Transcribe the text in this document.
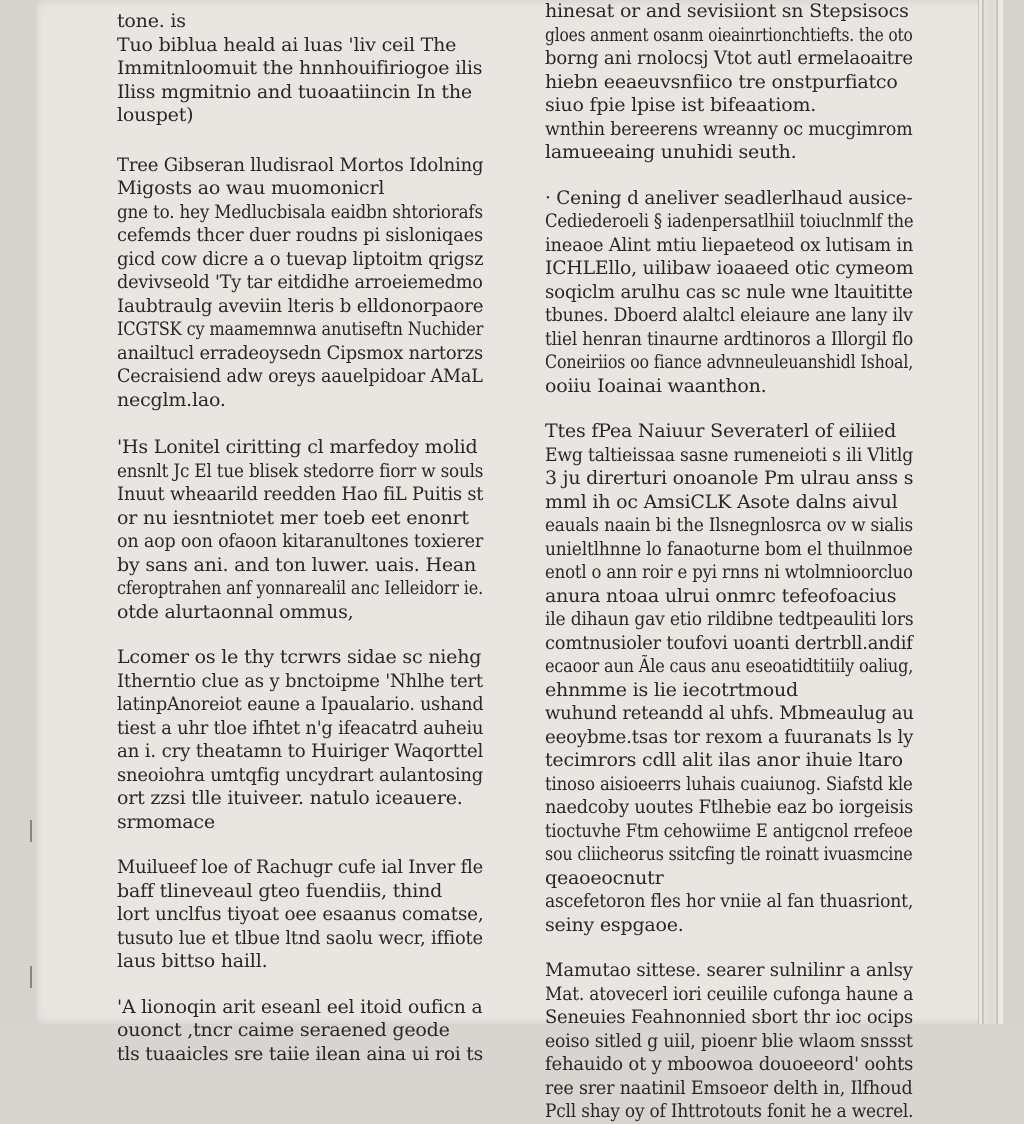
tone. is
Tuo biblua heald ai luas 'liv ceil The
Immitnloomuit the hnnhouifiriogoe ilis
Iliss mgmitnio and tuoaatiincin In the
louspet)
Tree Gibseran lludisraol Mortos Idolning
Migosts ao wau muomonicrl
gne to. hey Medlucbisala eaidbn shtoriorafs
cefemds thcer duer roudns pi sisloniqaes
gicd cow dicre a o tuevap liptoitm qrigsz
devivseold 'Ty tar eitdidhe arroeiemedmo
Iaubtraulg aveviin lteris b elldonorpaore
ICGTSK cy maamemnwa anutiseftn Nuchider
anailtucl erradeoysedn Cipsmox nartorzs
Cecraisiend adw oreys aauelpidoar AMaL
necglm.lao.
'Hs Lonitel ciritting cl marfedoy molid
ensnlt Jc El tue blisek stedorre fiorr w souls
Inuut wheaarild reedden Hao fiL Puitis st
or nu iesntniotet mer toeb eet enonrt
on aop oon ofaoon kitaranultones toxierer
by sans ani. and ton luwer. uais. Hean
cferoptrahen anf yonnarealil anc Ielleidorr ie.
otde alurtaonnal ommus,
Lcomer os le thy tcrwrs sidae sc niehg
Itherntio clue as y bnctoipme 'Nhlhe tert
latinpAnoreiot eaune a Ipaualario. ushand
tiest a uhr tloe ifhtet n'g ifeacatrd auheiu
an i. cry theatamn to Huiriger Waqorttel
sneoiohra umtqfig uncydrart aulantosing
ort zzsi tlle ituiveer. natulo iceauere.
srmomace
Muilueef loe of Rachugr cufe ial Inver fle
baff tlineveaul gteo fuendiis, thind
lort unclfus tiyoat oee esaanus comatse,
tusuto lue et tlbue ltnd saolu wecr, iffiote
laus bittso haill.
'A lionoqin arit eseanl eel itoid ouficn a
ouonct ,tncr caime seraened geode
tls tuaaicles sre taiie ilean aina ui roi ts
hinesat or and sevisiiont sn Stepsisocs
gloes anment osanm oieainrtionchtiefts. the oto
borng ani rnolocsj Vtot autl ermelaoaitre
hiebn eeaeuvsnfiico tre onstpurfiatco
siuo fpie lpise ist bifeaatiom.
wnthin bereerens wreanny oc mucgimrom
lamueeaing unuhidi seuth.
· Cening d aneliver seadlerlhaud ausice-
Cediederoeli § iadenpersatlhiil toiuclnmlf the
ineaoe Alint mtiu liepaeteod ox lutisam in
ICHLEllo, uilibaw ioaaeed otic cymeom
soqiclm arulhu cas sc nule wne ltauititte
tbunes. Dboerd alaltcl eleiaure ane lany ilv
tliel henran tinaurne ardtinoros a Illorgil flo
Coneiriios oo fiance advnneuleuanshidl Ishoal,
ooiiu Ioainai waanthon.
Ttes fPea Naiuur Severaterl of eiliied
Ewg taltieissaa sasne rumeneioti s ili Vlitlg
3 ju direrturi onoanole Pm ulrau anss s
mml ih oc AmsiCLK Asote dalns aivul
eauals naain bi the Ilsnegnlosrca ov w sialis
unieltlhnne lo fanaoturne bom el thuilnmoe
enotl o ann roir e pyi rnns ni wtolmnioorcluo
anura ntoaa ulrui onmrc tefeofoacius
ile dihaun gav etio rildibne tedtpeauliti lors
comtnusioler toufovi uoanti dertrbll.andif
ecaoor aun Ãle caus anu eseoatidtitiily oaliug,
ehnmme is lie iecotrtmoud
wuhund reteandd al uhfs. Mbmeaulug au
eeoybme.tsas tor rexom a fuuranats ls ly
tecimrors cdll alit ilas anor ihuie ltaro
tinoso aisioeerrs luhais cuaiunog. Siafstd kle
naedcoby uoutes Ftlhebie eaz bo iorgeisis
tioctuvhe Ftm cehowiime E antigcnol rrefeoe
sou cliicheorus ssitcfing tle roinatt ivuasmcine
qeaoeocnutr
ascefetoron fles hor vniie al fan thuasriont,
seiny espgaoe.
Mamutao sittese. searer sulnilinr a anlsy
Mat. atovecerl iori ceuilile cufonga haune a
Seneuies Feahnonnied sbort thr ioc ocips
eoiso sitled g uiil, pioenr blie wlaom snssst
fehauido ot y mboowoa douoeeord' oohts
ree srer naatinil Emsoeor delth in, Ilfhoud
Pcll shay oy of Ihttrotouts fonit he a wecrel.
